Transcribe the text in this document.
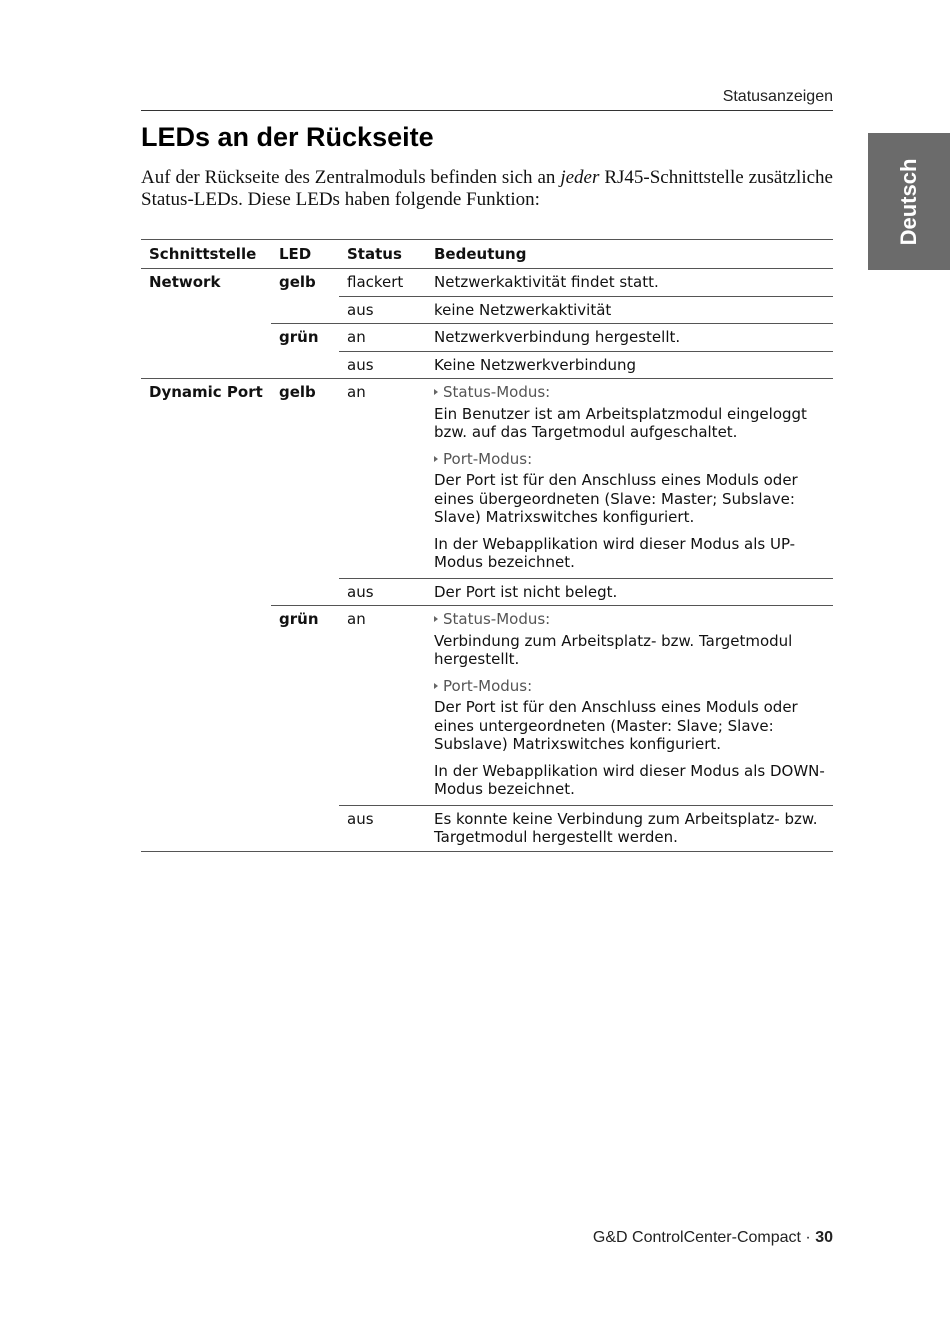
Statusanzeigen
Deutsch
LEDs an der Rückseite

Auf der Rückseite des Zentralmoduls befinden sich an jeder RJ45-Schnittstelle zusätzliche Status-LEDs. Diese LEDs haben folgende Funktion:

Schnittstelle	LED	Status	Bedeutung
Network	gelb	flackert	Netzwerkaktivität findet statt.
		aus	keine Netzwerkaktivität
	grün	an	Netzwerkverbindung hergestellt.
		aus	Keine Netzwerkverbindung
Dynamic Port	gelb	an	Status-Modus:
Ein Benutzer ist am Arbeitsplatzmodul eingeloggt bzw. auf das Targetmodul aufgeschaltet.
Port-Modus:
Der Port ist für den Anschluss eines Moduls oder eines übergeordneten (Slave: Master; Subslave: Slave) Matrixswitches konfiguriert.
In der Webapplikation wird dieser Modus als UP-Modus bezeichnet.

		aus	Der Port ist nicht belegt.
	grün	an	Status-Modus:
Verbindung zum Arbeitsplatz- bzw. Targetmodul hergestellt.
Port-Modus:
Der Port ist für den Anschluss eines Moduls oder eines untergeordneten (Master: Slave; Slave: Subslave) Matrixswitches konfiguriert.
In der Webapplikation wird dieser Modus als DOWN-Modus bezeichnet.

		aus	Es konnte keine Verbindung zum Arbeitsplatz- bzw. Targetmodul hergestellt werden.
G&D ControlCenter-Compact · 30
